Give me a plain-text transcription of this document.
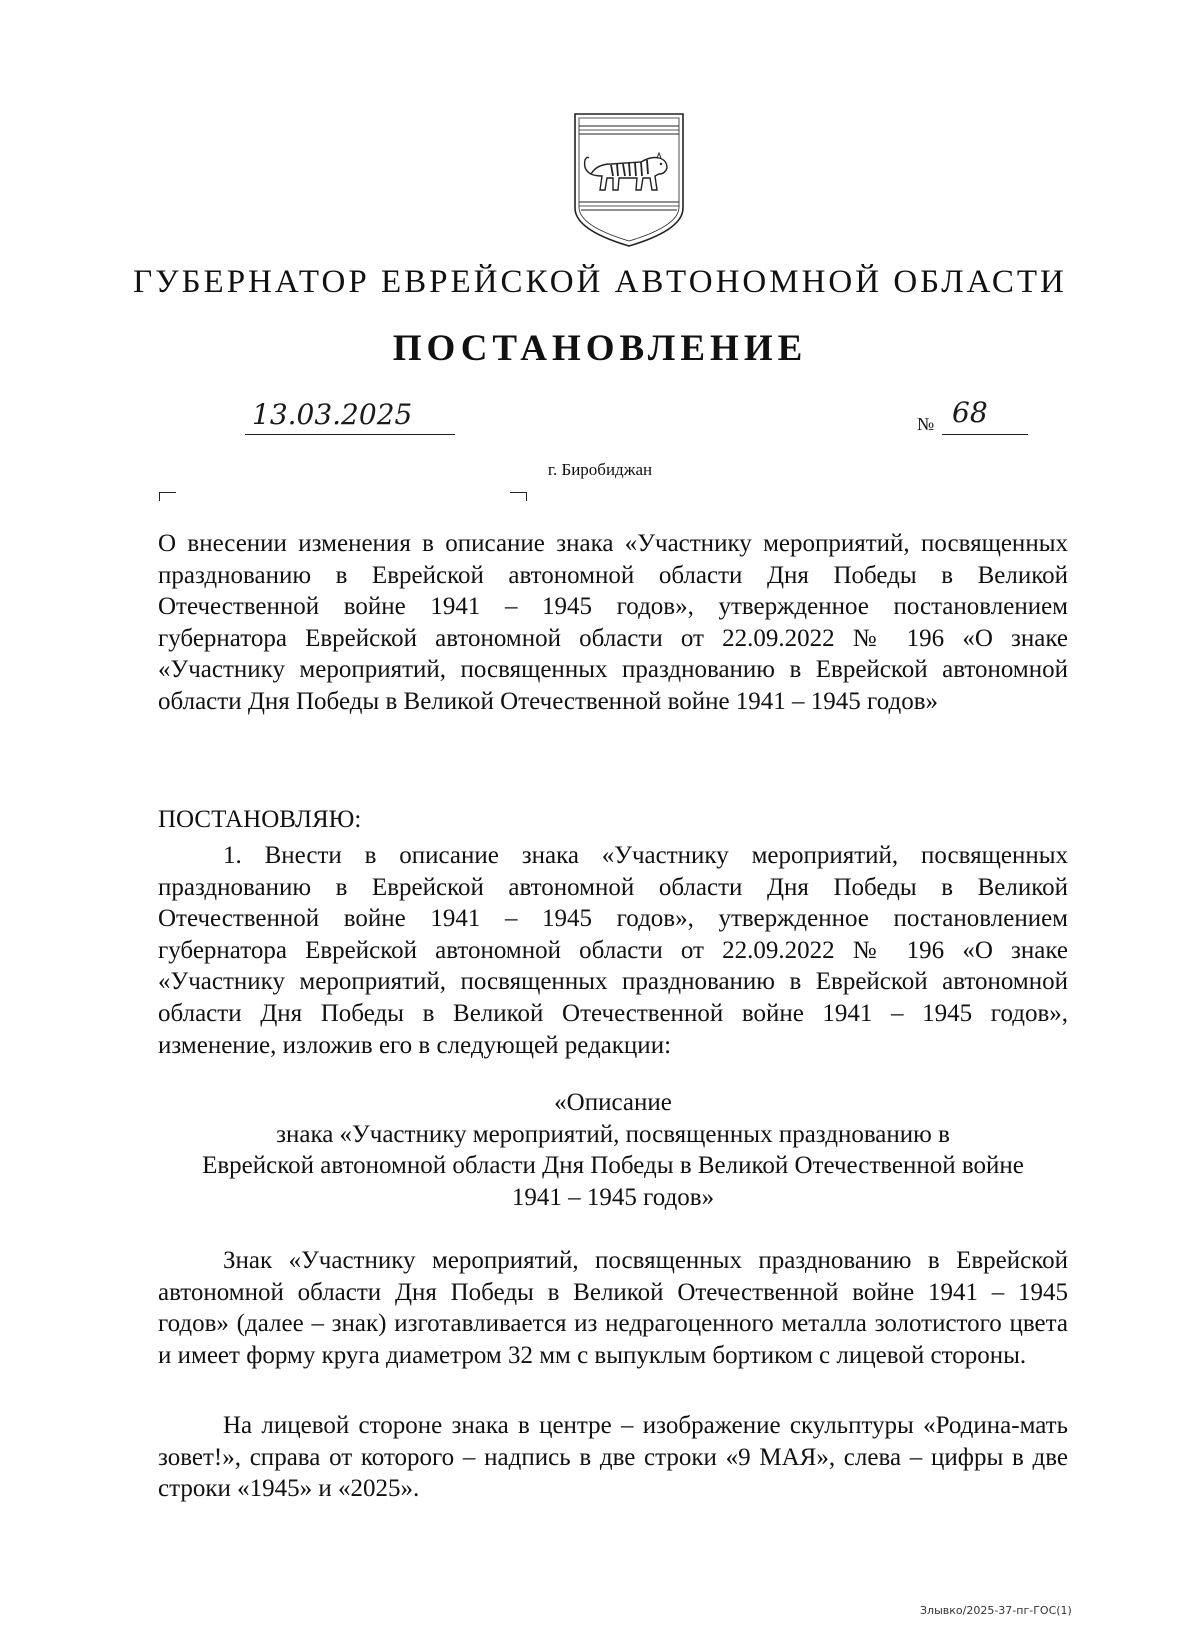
ГУБЕРНАТОР ЕВРЕЙСКОЙ АВТОНОМНОЙ ОБЛАСТИ
ПОСТАНОВЛЕНИЕ
13.03.2025	№ 68
г. Биробиджан
О внесении изменения в описание знака «Участнику мероприятий, посвященных празднованию в Еврейской автономной области Дня Победы в Великой Отечественной войне 1941 – 1945 годов», утвержденное постановлением губернатора Еврейской автономной области от 22.09.2022 № 196 «О знаке «Участнику мероприятий, посвященных празднованию в Еврейской автономной области Дня Победы в Великой Отечественной войне 1941 – 1945 годов»
ПОСТАНОВЛЯЮ:
1. Внести в описание знака «Участнику мероприятий, посвященных празднованию в Еврейской автономной области Дня Победы в Великой Отечественной войне 1941 – 1945 годов», утвержденное постановлением губернатора Еврейской автономной области от 22.09.2022 № 196 «О знаке «Участнику мероприятий, посвященных празднованию в Еврейской автономной области Дня Победы в Великой Отечественной войне 1941 – 1945 годов», изменение, изложив его в следующей редакции:
«Описание
знака «Участнику мероприятий, посвященных празднованию в
Еврейской автономной области Дня Победы в Великой Отечественной войне
1941 – 1945 годов»
Знак «Участнику мероприятий, посвященных празднованию в Еврейской автономной области Дня Победы в Великой Отечественной войне 1941 – 1945 годов» (далее – знак) изготавливается из недрагоценного металла золотистого цвета и имеет форму круга диаметром 32 мм с выпуклым бортиком с лицевой стороны.
На лицевой стороне знака в центре – изображение скульптуры «Родина-мать зовет!», справа от которого – надпись в две строки «9 МАЯ», слева – цифры в две строки «1945» и «2025».
Злывко/2025-37-пг-ГОС(1)
